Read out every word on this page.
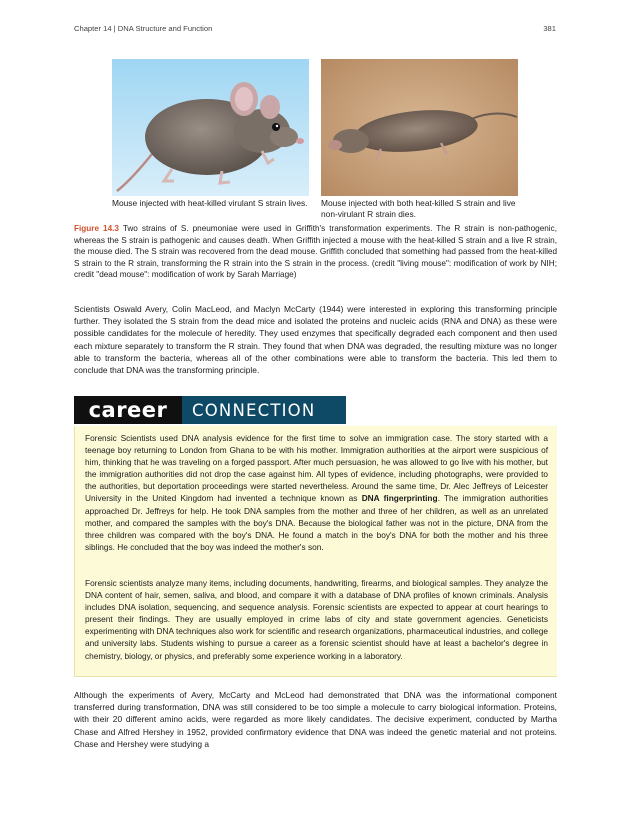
Chapter 14 | DNA Structure and Function	381
Mouse injected with heat-killed virulant S strain lives.	Mouse injected with both heat-killed S strain and live non-virulant R strain dies.
Figure 14.3 Two strains of S. pneumoniae were used in Griffith's transformation experiments. The R strain is non-pathogenic, whereas the S strain is pathogenic and causes death. When Griffith injected a mouse with the heat-killed S strain and a live R strain, the mouse died. The S strain was recovered from the dead mouse. Griffith concluded that something had passed from the heat-killed S strain to the R strain, transforming the R strain into the S strain in the process. (credit "living mouse": modification of work by NIH; credit "dead mouse": modification of work by Sarah Marriage)
Scientists Oswald Avery, Colin MacLeod, and Maclyn McCarty (1944) were interested in exploring this transforming principle further. They isolated the S strain from the dead mice and isolated the proteins and nucleic acids (RNA and DNA) as these were possible candidates for the molecule of heredity. They used enzymes that specifically degraded each component and then used each mixture separately to transform the R strain. They found that when DNA was degraded, the resulting mixture was no longer able to transform the bacteria, whereas all of the other combinations were able to transform the bacteria. This led them to conclude that DNA was the transforming principle.
career	CONNECTION

Forensic Scientists used DNA analysis evidence for the first time to solve an immigration case. The story started with a teenage boy returning to London from Ghana to be with his mother. Immigration authorities at the airport were suspicious of him, thinking that he was traveling on a forged passport. After much persuasion, he was allowed to go live with his mother, but the immigration authorities did not drop the case against him. All types of evidence, including photographs, were provided to the authorities, but deportation proceedings were started nevertheless. Around the same time, Dr. Alec Jeffreys of Leicester University in the United Kingdom had invented a technique known as DNA fingerprinting. The immigration authorities approached Dr. Jeffreys for help. He took DNA samples from the mother and three of her children, as well as an unrelated mother, and compared the samples with the boy's DNA. Because the biological father was not in the picture, DNA from the three children was compared with the boy's DNA. He found a match in the boy's DNA for both the mother and his three siblings. He concluded that the boy was indeed the mother's son.

Forensic scientists analyze many items, including documents, handwriting, firearms, and biological samples. They analyze the DNA content of hair, semen, saliva, and blood, and compare it with a database of DNA profiles of known criminals. Analysis includes DNA isolation, sequencing, and sequence analysis. Forensic scientists are expected to appear at court hearings to present their findings. They are usually employed in crime labs of city and state government agencies. Geneticists experimenting with DNA techniques also work for scientific and research organizations, pharmaceutical industries, and college and university labs. Students wishing to pursue a career as a forensic scientist should have at least a bachelor's degree in chemistry, biology, or physics, and preferably some experience working in a laboratory.

Although the experiments of Avery, McCarty and McLeod had demonstrated that DNA was the informational component transferred during transformation, DNA was still considered to be too simple a molecule to carry biological information. Proteins, with their 20 different amino acids, were regarded as more likely candidates. The decisive experiment, conducted by Martha Chase and Alfred Hershey in 1952, provided confirmatory evidence that DNA was indeed the genetic material and not proteins. Chase and Hershey were studying a
